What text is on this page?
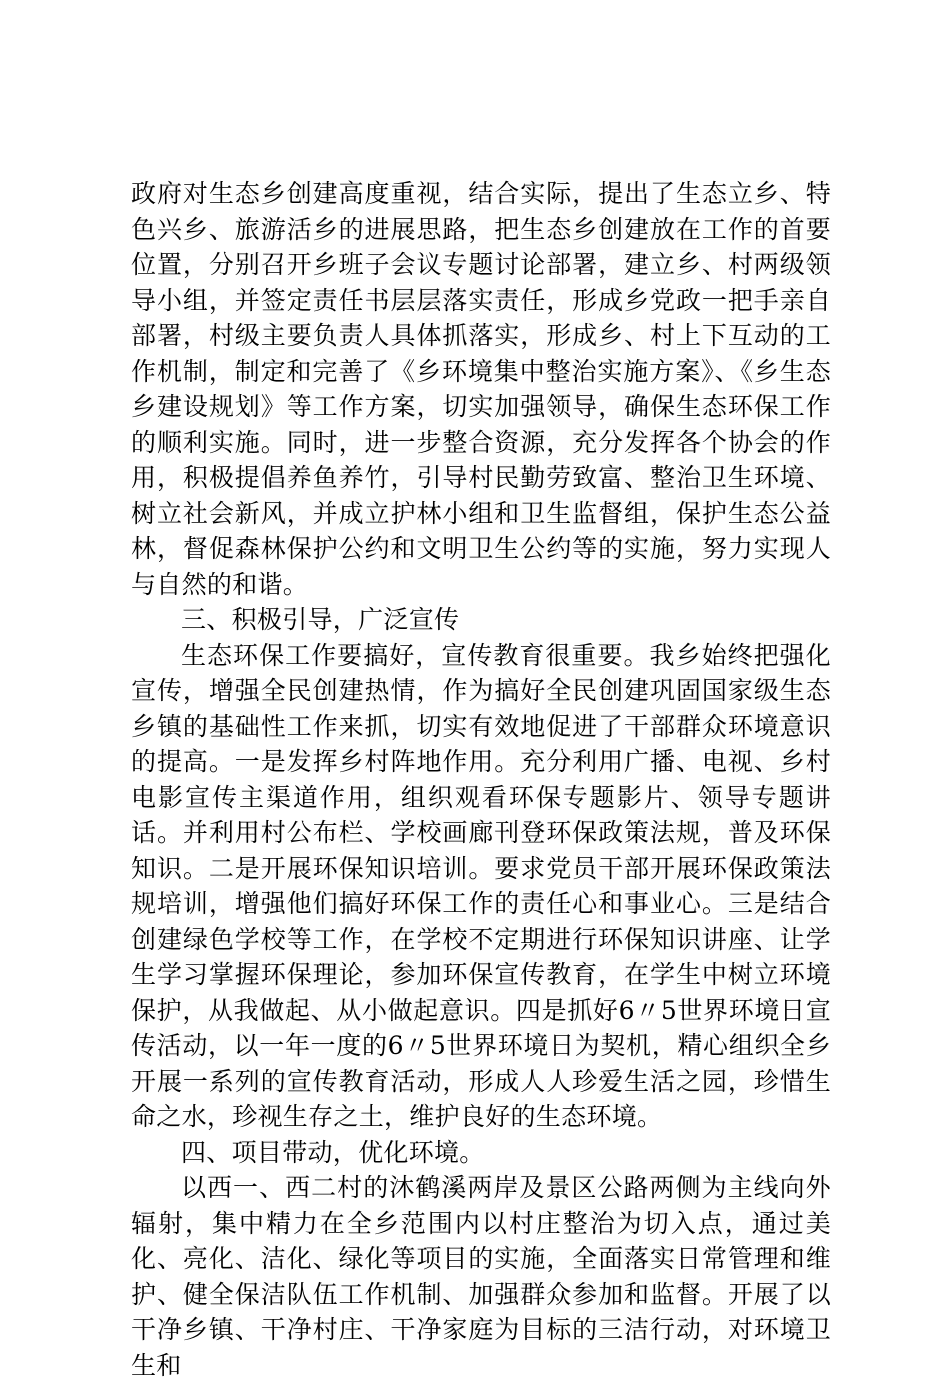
政府对生态乡创建高度重视，结合实际，提出了生态立乡、特色兴乡、旅游活乡的进展思路，把生态乡创建放在工作的首要位置，分别召开乡班子会议专题讨论部署，建立乡、村两级领导小组，并签定责任书层层落实责任，形成乡党政一把手亲自部署，村级主要负责人具体抓落实，形成乡、村上下互动的工作机制，制定和完善了《乡环境集中整治实施方案》、《乡生态乡建设规划》等工作方案，切实加强领导，确保生态环保工作的顺利实施。同时，进一步整合资源，充分发挥各个协会的作用，积极提倡养鱼养竹，引导村民勤劳致富、整治卫生环境、树立社会新风，并成立护林小组和卫生监督组，保护生态公益林，督促森林保护公约和文明卫生公约等的实施，努力实现人与自然的和谐。

三、积极引导，广泛宣传

生态环保工作要搞好，宣传教育很重要。我乡始终把强化宣传，增强全民创建热情，作为搞好全民创建巩固国家级生态乡镇的基础性工作来抓，切实有效地促进了干部群众环境意识的提高。一是发挥乡村阵地作用。充分利用广播、电视、乡村电影宣传主渠道作用，组织观看环保专题影片、领导专题讲话。并利用村公布栏、学校画廊刊登环保政策法规，普及环保知识。二是开展环保知识培训。要求党员干部开展环保政策法规培训，增强他们搞好环保工作的责任心和事业心。三是结合创建绿色学校等工作，在学校不定期进行环保知识讲座、让学生学习掌握环保理论，参加环保宣传教育，在学生中树立环境保护，从我做起、从小做起意识。四是抓好6〃5世界环境日宣传活动，以一年一度的6〃5世界环境日为契机，精心组织全乡开展一系列的宣传教育活动，形成人人珍爱生活之园，珍惜生命之水，珍视生存之土，维护良好的生态环境。

四、项目带动，优化环境。

以西一、西二村的沐鹤溪两岸及景区公路两侧为主线向外辐射，集中精力在全乡范围内以村庄整治为切入点，通过美化、亮化、洁化、绿化等项目的实施，全面落实日常管理和维护、健全保洁队伍工作机制、加强群众参加和监督。开展了以干净乡镇、干净村庄、干净家庭为目标的三洁行动，对环境卫生和
